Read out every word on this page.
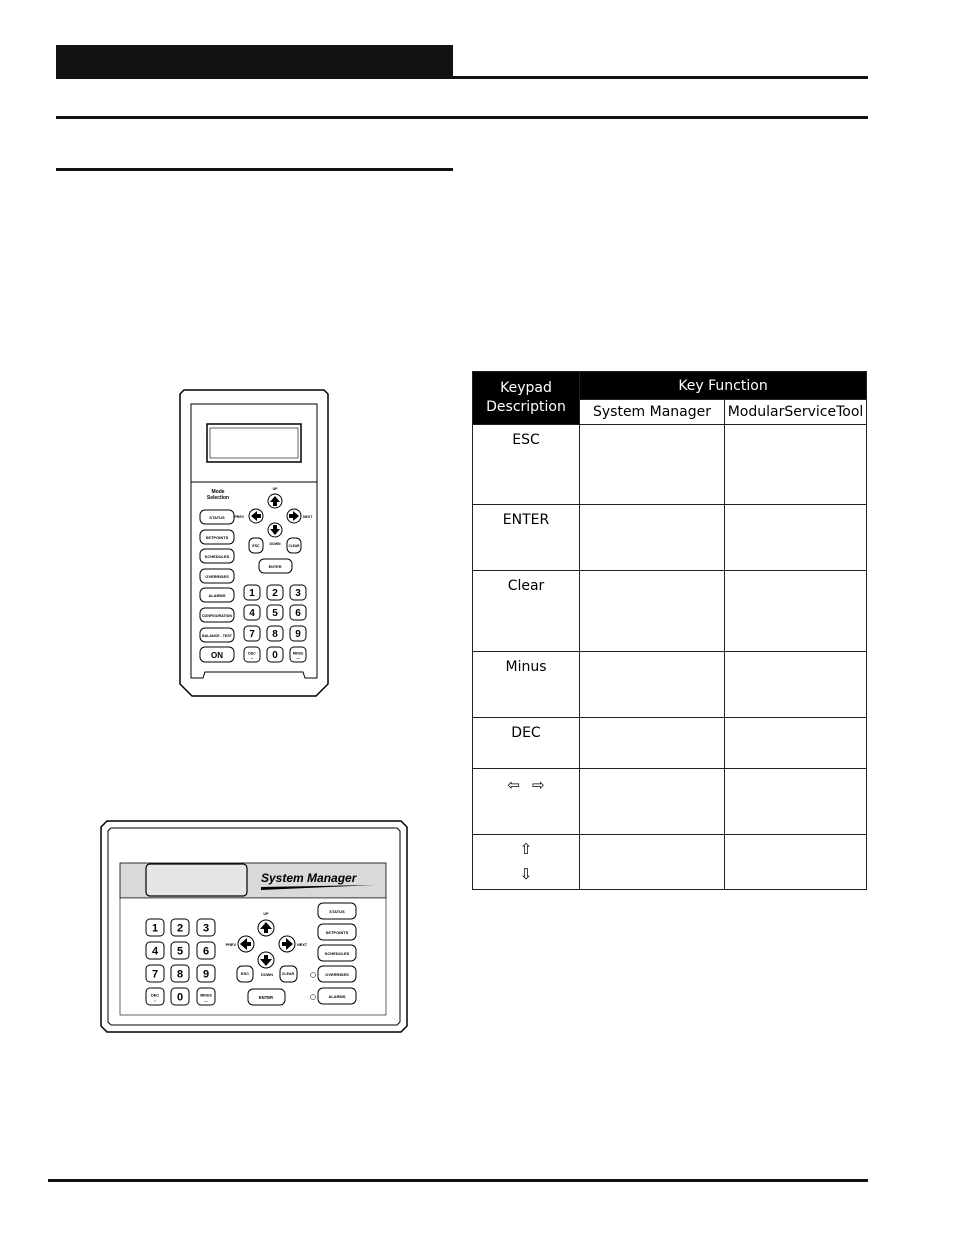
Mode
Selection
STATUS
SETPOINTS
SCHEDULES
OVERRIDES
ALARMS
CONFIGURATION
BALANCE - TEST
ON
UP
PREV	NEXT
DOWN
ESC	CLEAR
ENTER
1 2 3
4 5 6
7 8 9
DEC
• 0	MINUS
—
System Manager
UP
PREV	NEXT
DOWN
ESC	CLEAR
ENTER
STATUS
SETPOINTS
SCHEDULES
OVERRIDES
ALARMS
1 2 3
4 5 6
7 8 9
DEC
• 0	MINUS
—
Keypad
Description	Key Function	
	System Manager	ModularServiceTool
ESC		
ENTER		
Clear		
Minus		
DEC		
⇦ ⇨		
⇧
⇩		
